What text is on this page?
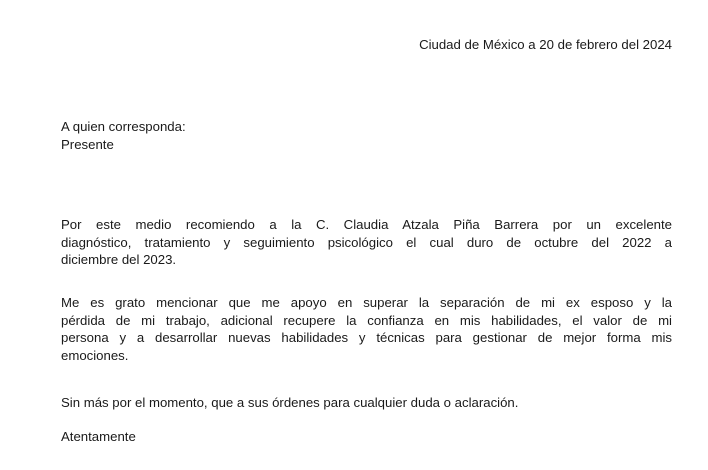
Ciudad de México a 20 de febrero del 2024
A quien corresponda:
Presente
Por este medio recomiendo a la C. Claudia Atzala Piña Barrera por un excelente
diagnóstico, tratamiento y seguimiento psicológico el cual duro de octubre del 2022 a
diciembre del 2023.
Me es grato mencionar que me apoyo en superar la separación de mi ex esposo y la
pérdida de mi trabajo, adicional recupere la confianza en mis habilidades, el valor de mi
persona y a desarrollar nuevas habilidades y técnicas para gestionar de mejor forma mis
emociones.
Sin más por el momento, que a sus órdenes para cualquier duda o aclaración.
Atentamente
